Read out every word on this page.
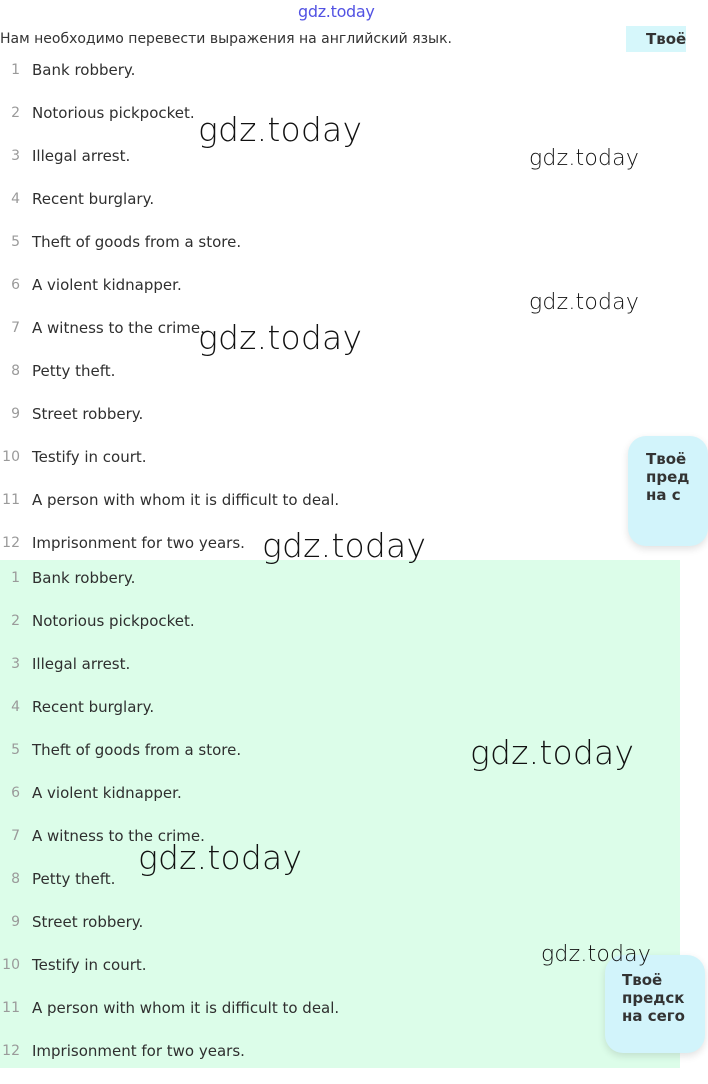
gdz.today
Нам необходимо перевести выражения на английский язык.	Твоё
1 Bank robbery.
2 Notorious pickpocket.
3 Illegal arrest.
4 Recent burglary.
5 Theft of goods from a store.
6 A violent kidnapper.
7 A witness to the crime.
8 Petty theft.
9 Street robbery.
10 Testify in court.
11 A person with whom it is difficult to deal.
12 Imprisonment for two years.
1 Bank robbery.
2 Notorious pickpocket.
3 Illegal arrest.
4 Recent burglary.
5 Theft of goods from a store.
6 A violent kidnapper.
7 A witness to the crime.
8 Petty theft.
9 Street robbery.
10 Testify in court.
11 A person with whom it is difficult to deal.
12 Imprisonment for two years.
gdz.today
gdz.today
gdz.today
gdz.today
gdz.today
gdz.today
gdz.today
Твоё
пред
на с
Твоё
предск
на сего
gdz.today
